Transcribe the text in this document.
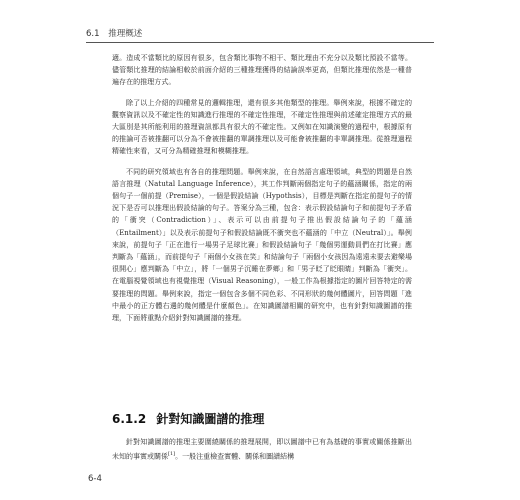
6.1 推理概述

適。造成不當類比的原因有很多，包含類比事物不相干、類比理由不充分以及類比預設不當等。儘管類比推理的結論相較於前面介紹的三種推理獲得的結論誤率更高，但類比推理依然是一種普遍存在的推理方式。

除了以上介紹的四種常見的邏輯推理，還有很多其他類型的推理。舉例來說，根據不確定的觀察資訊以及不確定性的知識進行推理的不確定性推理，不確定性推理與前述確定推理方式的最大區別是其所能利用的推理資訊都具有很大的不確定性。又例如在知識演變的過程中，根據原有的推論可否被推翻可以分為不會被推翻的單調推理以及可能會被推翻的非單調推理。從推理過程精確性來看，又可分為精確推理和模糊推理。

不同的研究領域也有各自的推理問題。舉例來說，在自然語言處理領域，典型的問題是自然語言推理（Natutal Language Inference），其工作判斷兩個指定句子的蘊涵關係，指定的兩個句子一個前提（Premise），一個是假設結論（Hypothsis），目標是判斷在指定前提句子的情況下是否可以推理出假設結論的句子。答案分為三種，包含：表示假設結論句子和前提句子矛盾的「衝突（Contradiction）」、表示可以由前提句子推出假設結論句子的「蘊涵（Entailment）」以及表示前提句子和假設結論既不衝突也不蘊涵的「中立（Neutral）」。舉例來說，前提句子「正在進行一場男子足球比賽」和假設結論句子「幾個男運動員們在打比賽」應判斷為「蘊涵」，而前提句子「兩個小女孩在笑」和結論句子「兩個小女孩因為遠遠未要去避樂場很開心」應判斷為「中立」，將「一個男子沉睡在夢鄉」和「男子眨了眨眼睛」判斷為「衝突」。在電腦視覺領域也有視覺推理（Visual Reasoning），一般工作為根據指定的圖片回答特定的需要推理的問題。舉例來說，指定一個包含多個不同色彩、不同形狀的幾何體圖片，回答問題「進中最小的正方體右邊的幾何體是什麼顏色」。在知識圖譜相關的研究中，也有針對知識圖譜的推理，下面將重點介紹針對知識圖譜的推理。

6.1.2 針對知識圖譜的推理

針對知識圖譜的推理主要圍繞關係的推理展開，即以圖譜中已有為基礎的事實或關係推斷出未知的事實或關係[1]。一般注重檢查實體、關係和圖譜結構

6-4
